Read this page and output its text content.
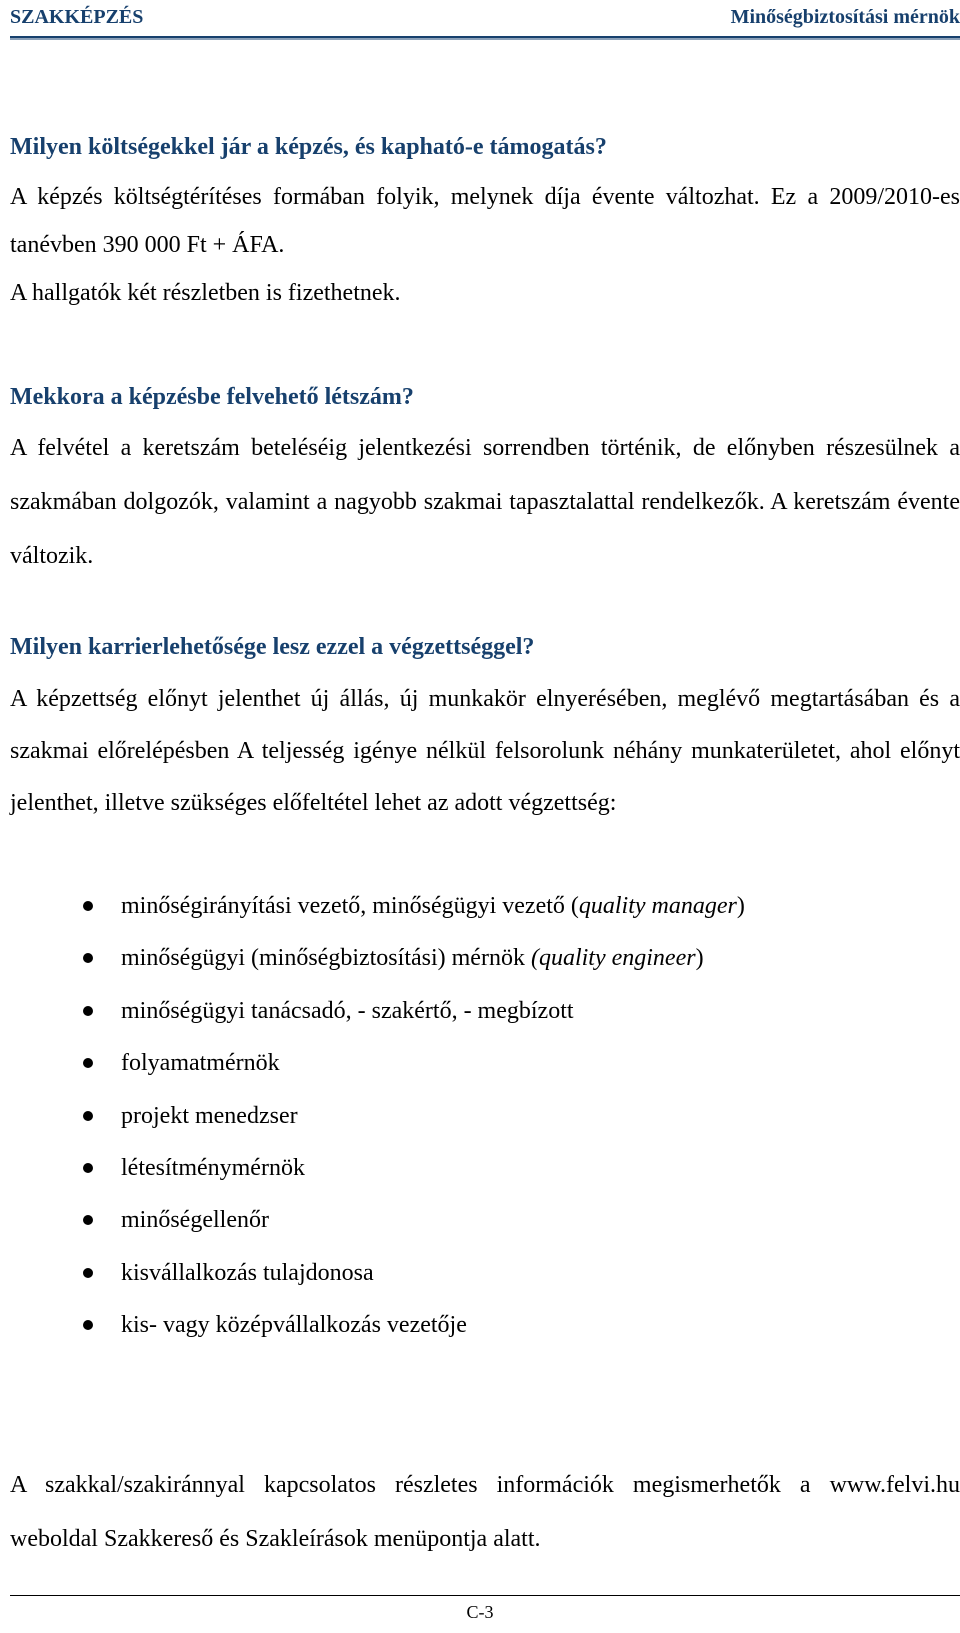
SZAKKÉPZÉS	Minőségbiztosítási mérnök
Milyen költségekkel jár a képzés, és kapható-e támogatás?

A képzés költségtérítéses formában folyik, melynek díja évente változhat. Ez a 2009/2010-es tanévben 390 000 Ft + ÁFA.

A hallgatók két részletben is fizethetnek.

Mekkora a képzésbe felvehető létszám?

A felvétel a keretszám beteléséig jelentkezési sorrendben történik, de előnyben részesülnek a szakmában dolgozók, valamint a nagyobb szakmai tapasztalattal rendelkezők. A keretszám évente változik.

Milyen karrierlehetősége lesz ezzel a végzettséggel?

A képzettség előnyt jelenthet új állás, új munkakör elnyerésében, meglévő megtartásában és a szakmai előrelépésben A teljesség igénye nélkül felsorolunk néhány munkaterületet, ahol előnyt jelenthet, illetve szükséges előfeltétel lehet az adott végzettség:

minőségirányítási vezető, minőségügyi vezető (quality manager)
minőségügyi (minőségbiztosítási) mérnök (quality engineer)
minőségügyi tanácsadó, - szakértő, - megbízott
folyamatmérnök
projekt menedzser
létesítménymérnök
minőségellenőr
kisvállalkozás tulajdonosa
kis- vagy középvállalkozás vezetője

A szakkal/szakiránnyal kapcsolatos részletes információk megismerhetők a www.felvi.hu weboldal Szakkereső és Szakleírások menüpontja alatt.

C-3
